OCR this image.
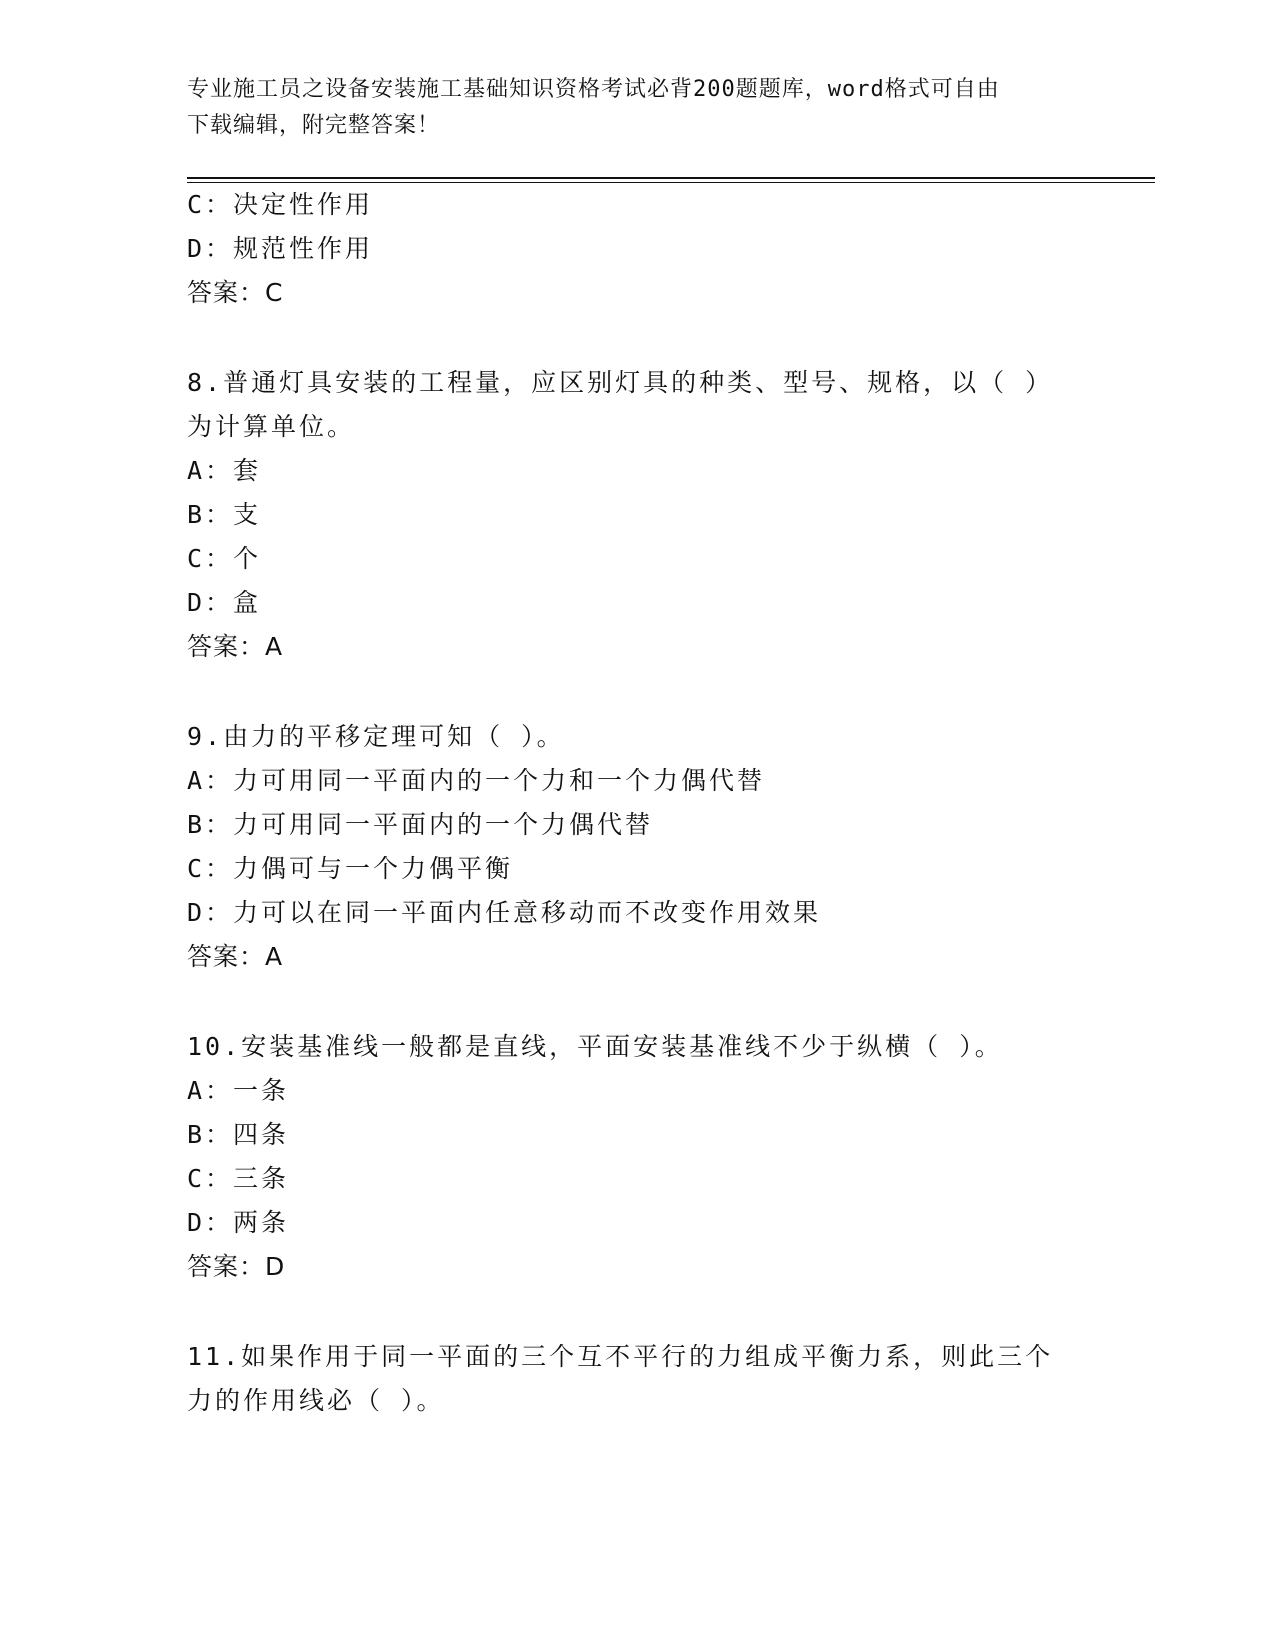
专业施工员之设备安装施工基础知识资格考试必背200题题库，word格式可自由
下载编辑，附完整答案！
C：决定性作用
D：规范性作用
答案：C
8.普通灯具安装的工程量，应区别灯具的种类、型号、规格，以（ ）
为计算单位。
A：套
B：支
C：个
D：盒
答案：A
9.由力的平移定理可知（ ）。
A：力可用同一平面内的一个力和一个力偶代替
B：力可用同一平面内的一个力偶代替
C：力偶可与一个力偶平衡
D：力可以在同一平面内任意移动而不改变作用效果
答案：A
10.安装基准线一般都是直线，平面安装基准线不少于纵横（ ）。
A：一条
B：四条
C：三条
D：两条
答案：D
11.如果作用于同一平面的三个互不平行的力组成平衡力系，则此三个
力的作用线必（ ）。
